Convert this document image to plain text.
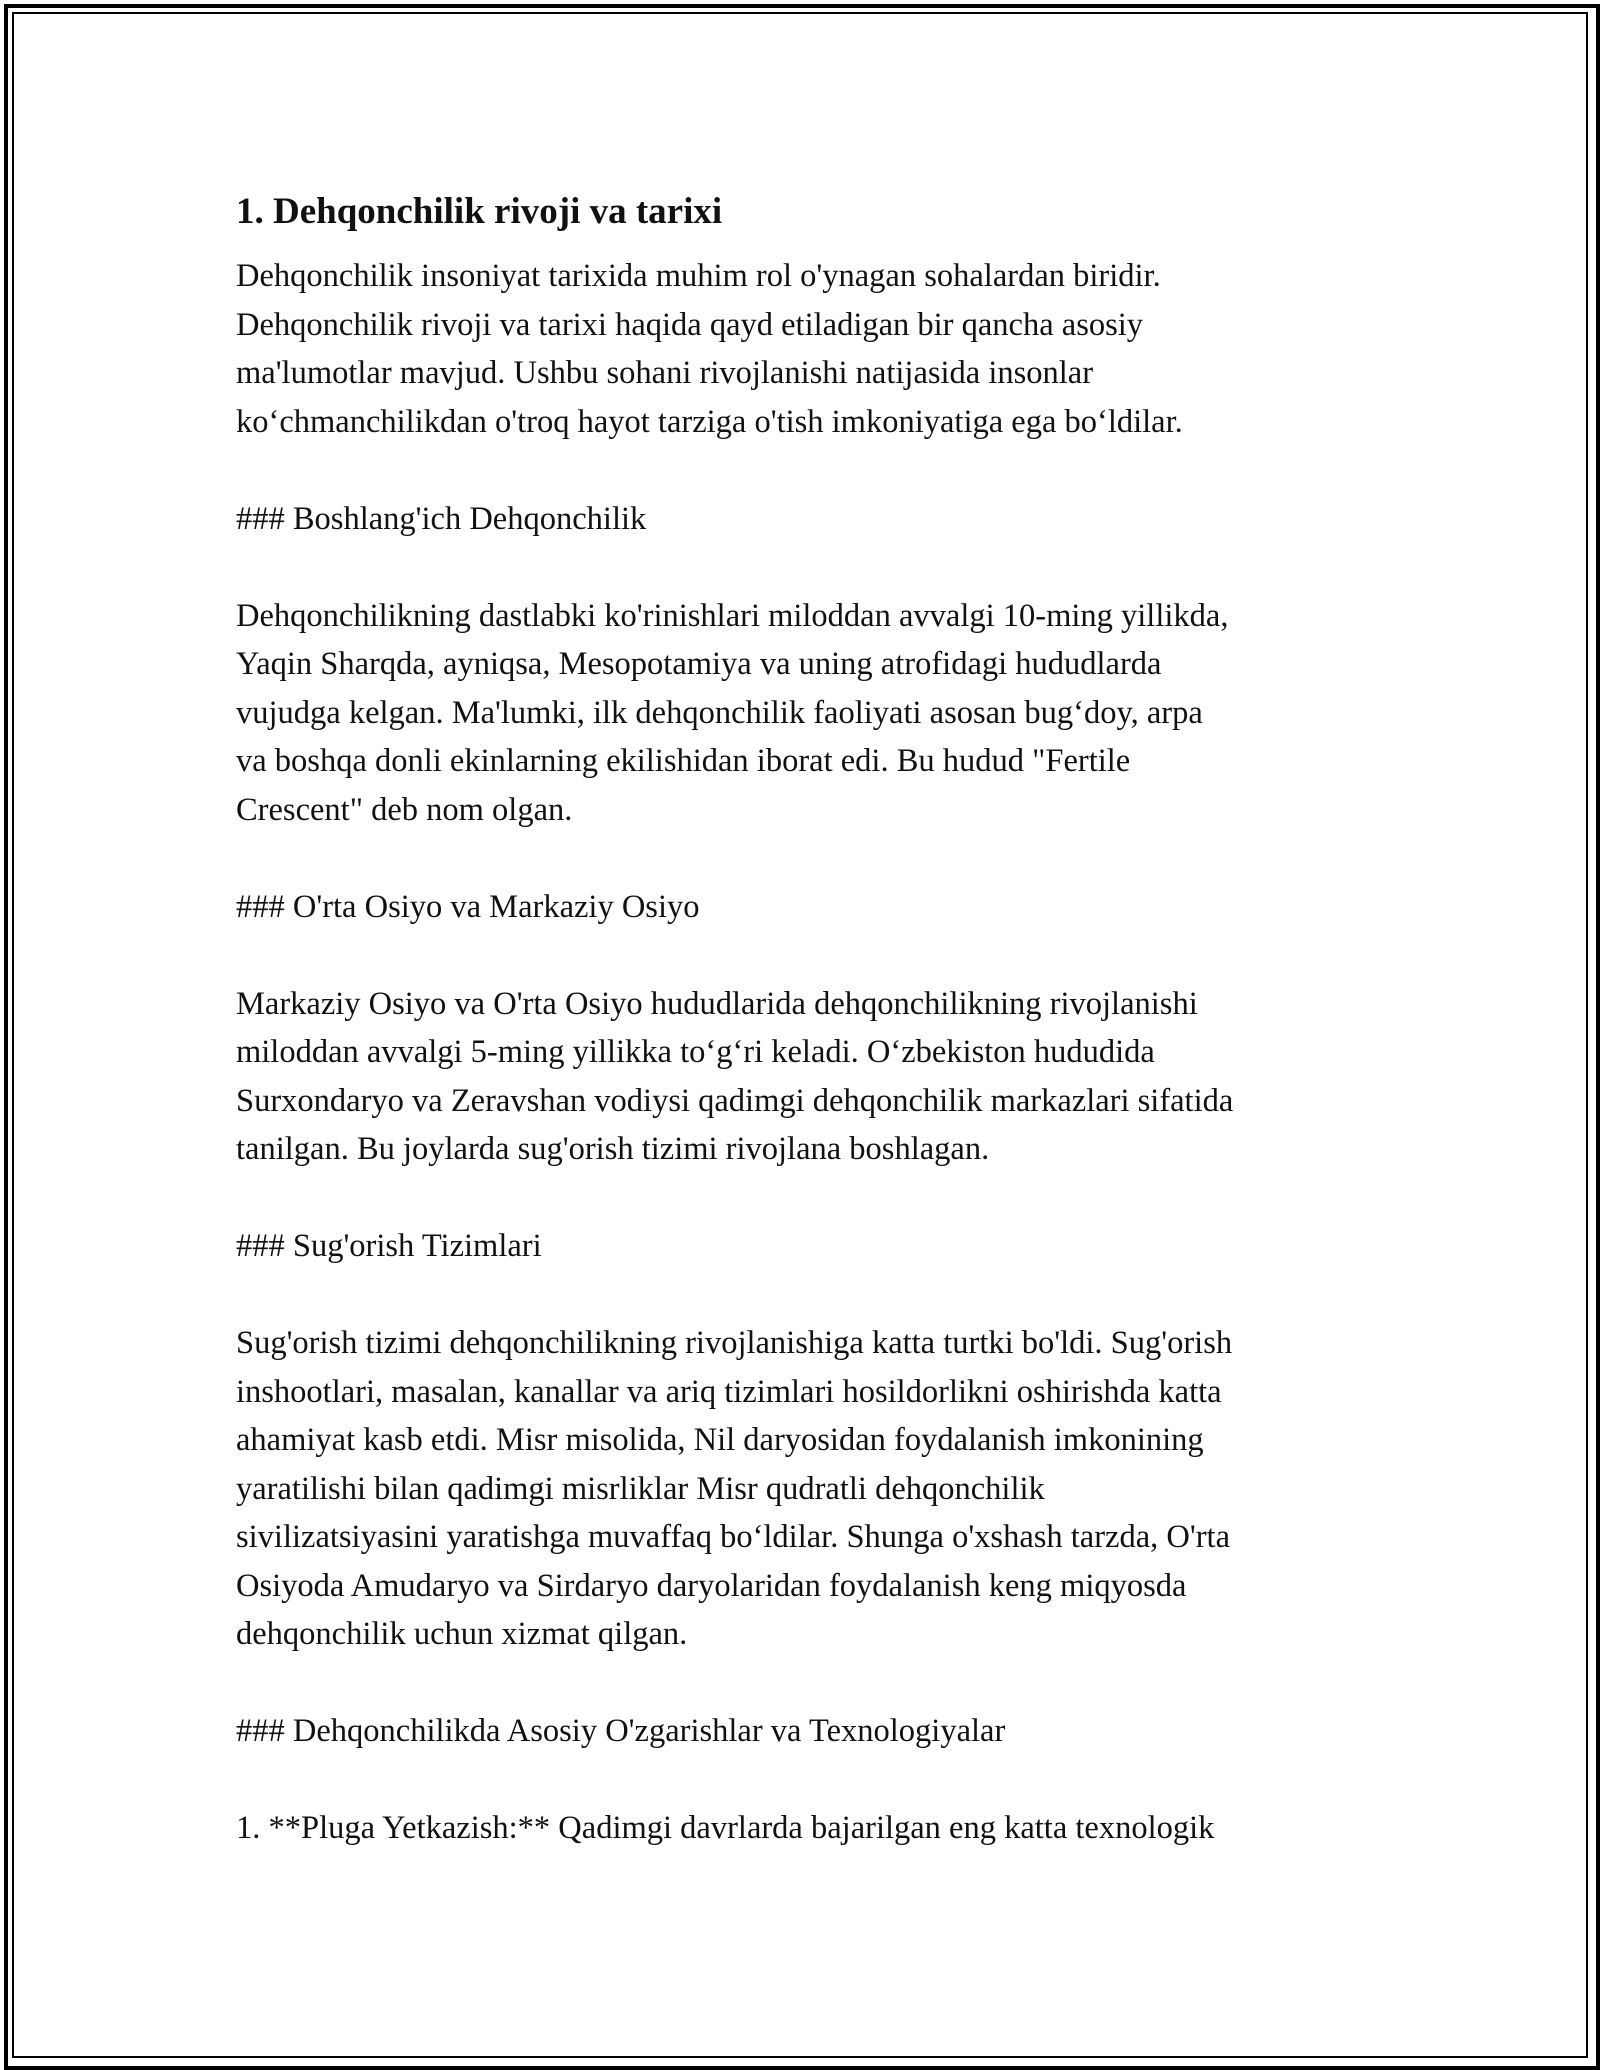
1. Dehqonchilik rivoji va tarixi
Dehqonchilik insoniyat tarixida muhim rol o'ynagan sohalardan biridir.
Dehqonchilik rivoji va tarixi haqida qayd etiladigan bir qancha asosiy
ma'lumotlar mavjud. Ushbu sohani rivojlanishi natijasida insonlar
ko‘chmanchilikdan o'troq hayot tarziga o'tish imkoniyatiga ega bo‘ldilar.
### Boshlang'ich Dehqonchilik
Dehqonchilikning dastlabki ko'rinishlari miloddan avvalgi 10-ming yillikda,
Yaqin Sharqda, ayniqsa, Mesopotamiya va uning atrofidagi hududlarda
vujudga kelgan. Ma'lumki, ilk dehqonchilik faoliyati asosan bug‘doy, arpa
va boshqa donli ekinlarning ekilishidan iborat edi. Bu hudud "Fertile
Crescent" deb nom olgan.
### O'rta Osiyo va Markaziy Osiyo
Markaziy Osiyo va O'rta Osiyo hududlarida dehqonchilikning rivojlanishi
miloddan avvalgi 5-ming yillikka to‘g‘ri keladi. O‘zbekiston hududida
Surxondaryo va Zeravshan vodiysi qadimgi dehqonchilik markazlari sifatida
tanilgan. Bu joylarda sug'orish tizimi rivojlana boshlagan.
### Sug'orish Tizimlari
Sug'orish tizimi dehqonchilikning rivojlanishiga katta turtki bo'ldi. Sug'orish
inshootlari, masalan, kanallar va ariq tizimlari hosildorlikni oshirishda katta
ahamiyat kasb etdi. Misr misolida, Nil daryosidan foydalanish imkonining
yaratilishi bilan qadimgi misrliklar Misr qudratli dehqonchilik
sivilizatsiyasini yaratishga muvaffaq bo‘ldilar. Shunga o'xshash tarzda, O'rta
Osiyoda Amudaryo va Sirdaryo daryolaridan foydalanish keng miqyosda
dehqonchilik uchun xizmat qilgan.
### Dehqonchilikda Asosiy O'zgarishlar va Texnologiyalar
1. **Pluga Yetkazish:** Qadimgi davrlarda bajarilgan eng katta texnologik
